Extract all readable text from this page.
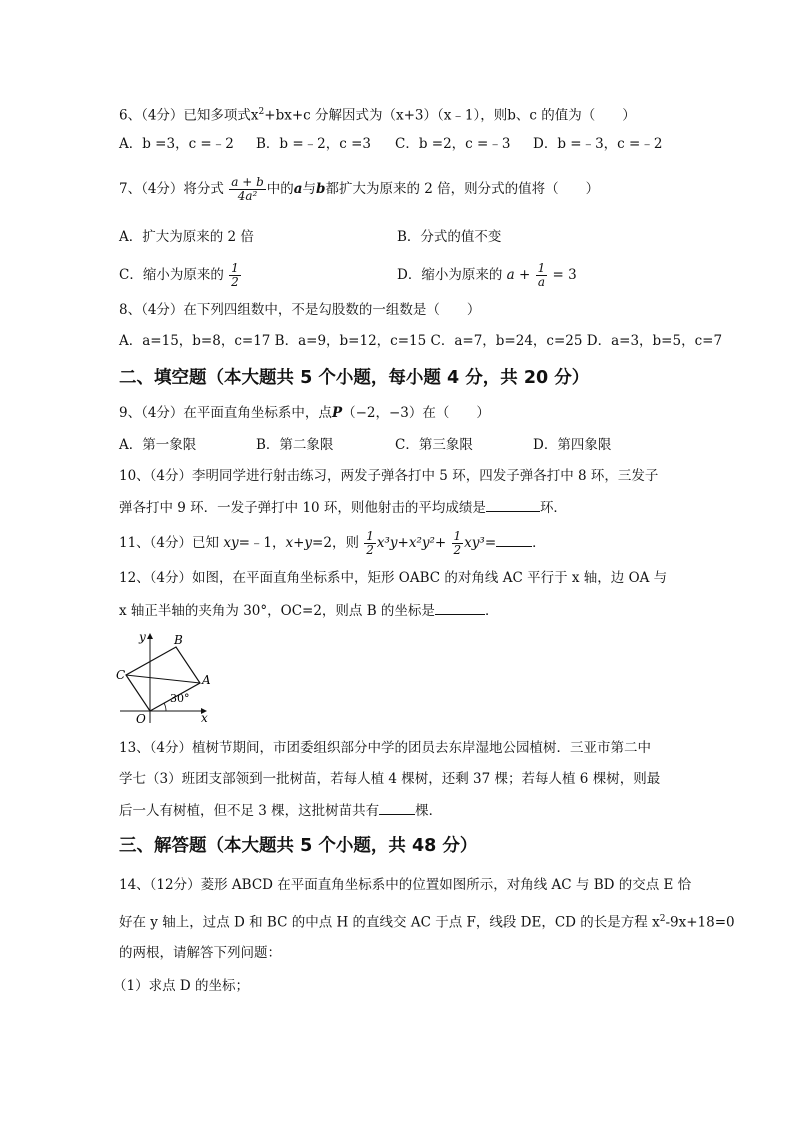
6、（4分）已知多项式$x^2+bx+c$ 分解因式为（x+3）（x﹣1），则b、c 的值为（　　）
A．b =3，c =﹣2 B．b =﹣2，c =3 C．b =2，c =﹣3 D．b =﹣3，c =﹣2
7、（4分）将分式 $\frac{a + b}{\text{4a²}}$ 中的a与b都扩大为原来的 2 倍，则分式的值将（　　）
A．扩大为原来的 2 倍	B．分式的值不变
C．缩小为原来的 $\frac{1}{2}$	D．缩小为原来的 $a + \frac{1}{a} = 3$
8、（4分）在下列四组数中，不是勾股数的一组数是（　　）
A．a=15，b=8，c=17 B．a=9，b=12，c=15 C．a=7，b=24，c=25 D．a=3，b=5，c=7
二、填空题（本大题共 5 个小题，每小题 4 分，共 20 分）
9、（4分）在平面直角坐标系中，点P（−2，−3）在（　　）
A．第一象限	B．第二象限	C．第三象限	D．第四象限
10、（4分）李明同学进行射击练习，两发子弹各打中 5 环，四发子弹各打中 8 环，三发子
弹各打中 9 环．一发子弹打中 10 环，则他射击的平均成绩是	环．
11、（4分）已知 xy=﹣1，x+y=2，则 $\frac{1}{2} x^3y+x^2y^2+ \frac{1}{2} xy^3=$	．
12、（4分）如图，在平面直角坐标系中，矩形 OABC 的对角线 AC 平行于 x 轴，边 OA 与
x 轴正半轴的夹角为 30°，OC=2，则点 B 的坐标是	．
y
x
O
A
B
C
30°
13、（4分）植树节期间，市团委组织部分中学的团员去东岸湿地公园植树．三亚市第二中
学七（3）班团支部领到一批树苗，若每人植 4 棵树，还剩 37 棵；若每人植 6 棵树，则最
后一人有树植，但不足 3 棵，这批树苗共有	棵．
三、解答题（本大题共 5 个小题，共 48 分）
14、（12分）菱形 ABCD 在平面直角坐标系中的位置如图所示，对角线 AC 与 BD 的交点 E 恰
好在 y 轴上，过点 D 和 BC 的中点 H 的直线交 AC 于点 F，线段 DE，CD 的长是方程 $x^2-9x+18=0$
的两根，请解答下列问题：
（1）求点 D 的坐标；
